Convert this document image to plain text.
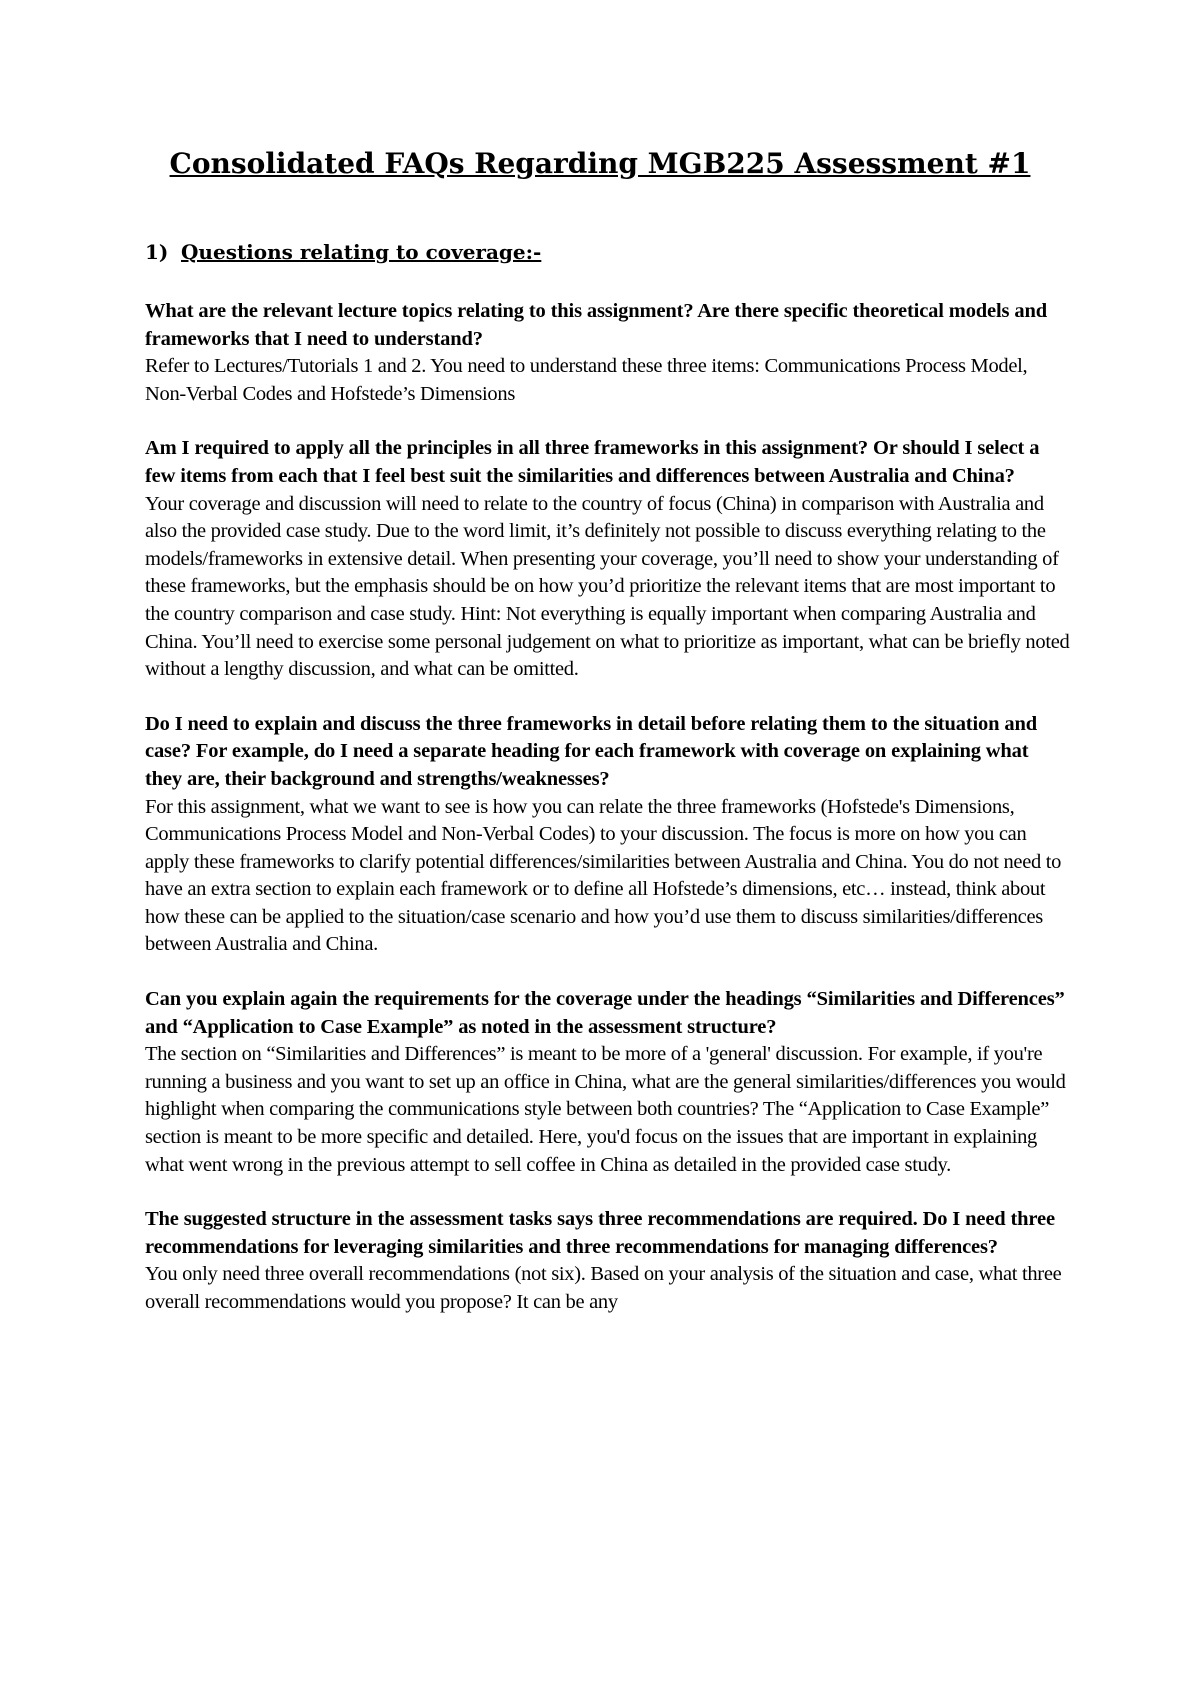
Consolidated FAQs Regarding MGB225 Assessment #1
1) Questions relating to coverage:-
What are the relevant lecture topics relating to this assignment? Are there specific theoretical models and frameworks that I need to understand?
Refer to Lectures/Tutorials 1 and 2. You need to understand these three items: Communications Process Model, Non-Verbal Codes and Hofstede’s Dimensions
Am I required to apply all the principles in all three frameworks in this assignment? Or should I select a few items from each that I feel best suit the similarities and differences between Australia and China?
Your coverage and discussion will need to relate to the country of focus (China) in comparison with Australia and also the provided case study. Due to the word limit, it’s definitely not possible to discuss everything relating to the models/frameworks in extensive detail. When presenting your coverage, you’ll need to show your understanding of these frameworks, but the emphasis should be on how you’d prioritize the relevant items that are most important to the country comparison and case study. Hint: Not everything is equally important when comparing Australia and China. You’ll need to exercise some personal judgement on what to prioritize as important, what can be briefly noted without a lengthy discussion, and what can be omitted.
Do I need to explain and discuss the three frameworks in detail before relating them to the situation and case? For example, do I need a separate heading for each framework with coverage on explaining what they are, their background and strengths/weaknesses?
For this assignment, what we want to see is how you can relate the three frameworks (Hofstede's Dimensions, Communications Process Model and Non-Verbal Codes) to your discussion. The focus is more on how you can apply these frameworks to clarify potential differences/similarities between Australia and China. You do not need to have an extra section to explain each framework or to define all Hofstede’s dimensions, etc… instead, think about how these can be applied to the situation/case scenario and how you’d use them to discuss similarities/differences between Australia and China.
Can you explain again the requirements for the coverage under the headings “Similarities and Differences” and “Application to Case Example” as noted in the assessment structure?
The section on “Similarities and Differences” is meant to be more of a 'general' discussion. For example, if you're running a business and you want to set up an office in China, what are the general similarities/differences you would highlight when comparing the communications style between both countries? The “Application to Case Example” section is meant to be more specific and detailed. Here, you'd focus on the issues that are important in explaining what went wrong in the previous attempt to sell coffee in China as detailed in the provided case study.
The suggested structure in the assessment tasks says three recommendations are required. Do I need three recommendations for leveraging similarities and three recommendations for managing differences?
You only need three overall recommendations (not six). Based on your analysis of the situation and case, what three overall recommendations would you propose? It can be any
